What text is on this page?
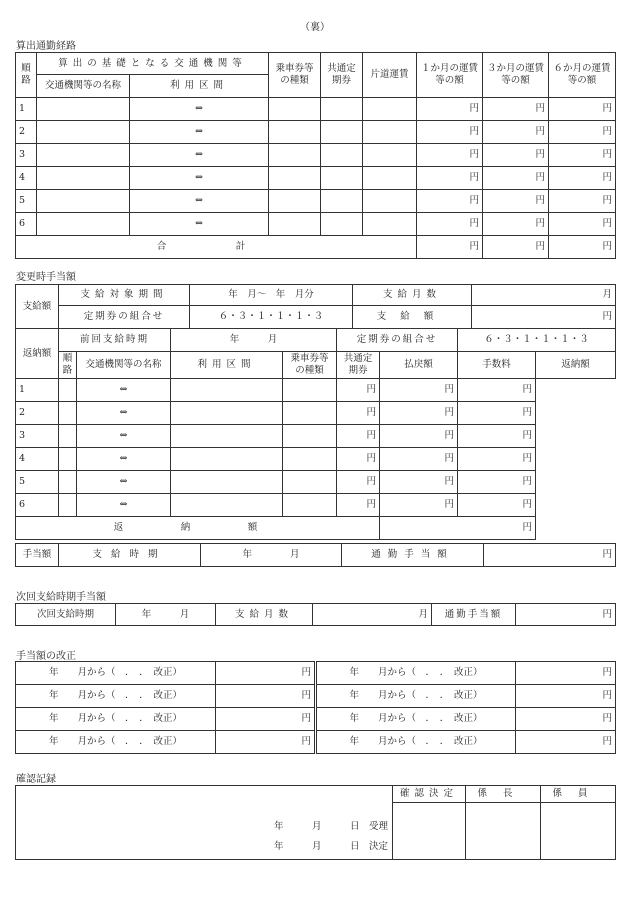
（裏）
算出通勤経路
順路	算出の基礎となる交通機関等		乗車券等の種類	共通定期券	片道運賃	１か月の運賃等の額	３か月の運賃等の額	６か月の運賃等の額
	交通機関等の名称	利用区間						
1		⇔				円	円	円
2		⇔				円	円	円
3		⇔				円	円	円
4		⇔				円	円	円
5		⇔				円	円	円
6		⇔				円	円	円
合　計						円	円	円
変更時手当額
支給額	支給対象期間	年　月～　年　月分	支給月数	月
	定期券の組合せ	６・３・１・１・１・３	支給額	円
返納額	前回支給時期		年　　　月		定期券の組合せ		６・３・１・１・１・３	
	順路	交通機関等の名称	利用区間	乗車券等の種類	共通定期券	払戻額	手数料	返納額
1		⇔			円	円	円	
2		⇔			円	円	円	
3		⇔			円	円	円	
4		⇔			円	円	円	
5		⇔			円	円	円	
6		⇔			円	円	円	
返　納　額						円		
手当額	支給時期	年　　　　月	通勤手当額	円
次回支給時期手当額
次回支給時期	年　　　月	支給月数	月	通勤手当額	円
手当額の改正
年　　月から（　．　．　改正）	円	年　　月から（　．　．　改正）	円
年　　月から（　．　．　改正）	円	年　　月から（　．　．　改正）	円
年　　月から（　．　．　改正）	円	年　　月から（　．　．　改正）	円
年　　月から（　．　．　改正）	円	年　　月から（　．　．　改正）	円
確認記録
年　　　月　　　日　受理
年　　　月　　　日　決定	確認決定	係長	係員
